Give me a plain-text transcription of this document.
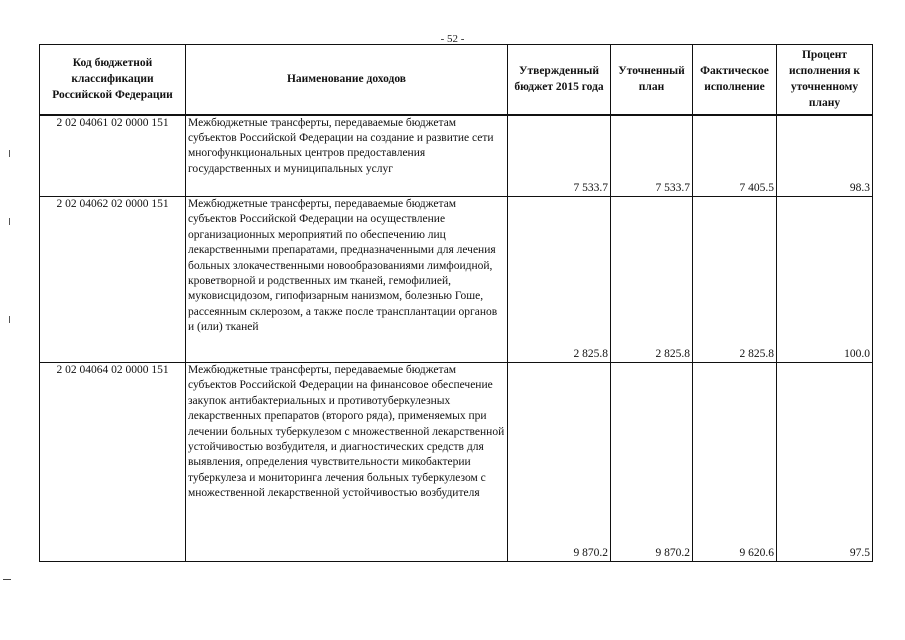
- 52 -
Код бюджетной классификации Российской Федерации	Наименование доходов	Утвержденный бюджет 2015 года	Уточненный план	Фактическое исполнение	Процент исполнения к уточненному плану
2 02 04061 02 0000 151	Межбюджетные трансферты, передаваемые бюджетам субъектов Российской Федерации на создание и развитие сети многофункциональных центров предоставления государственных и муниципальных услуг	7 533.7	7 533.7	7 405.5	98.3
2 02 04062 02 0000 151	Межбюджетные трансферты, передаваемые бюджетам субъектов Российской Федерации на осуществление организационных мероприятий по обеспечению лиц лекарственными препаратами, предназначенными для лечения больных злокачественными новообразованиями лимфоидной, кроветворной и родственных им тканей, гемофилией, муковисцидозом, гипофизарным нанизмом, болезнью Гоше, рассеянным склерозом, а также после трансплантации органов и (или) тканей	2 825.8	2 825.8	2 825.8	100.0
2 02 04064 02 0000 151	Межбюджетные трансферты, передаваемые бюджетам субъектов Российской Федерации на финансовое обеспечение закупок антибактериальных и противотуберкулезных лекарственных препаратов (второго ряда), применяемых при лечении больных туберкулезом с множественной лекарственной устойчивостью возбудителя, и диагностических средств для выявления, определения чувствительности микобактерии туберкулеза и мониторинга лечения больных туберкулезом с множественной лекарственной устойчивостью возбудителя	9 870.2	9 870.2	9 620.6	97.5
